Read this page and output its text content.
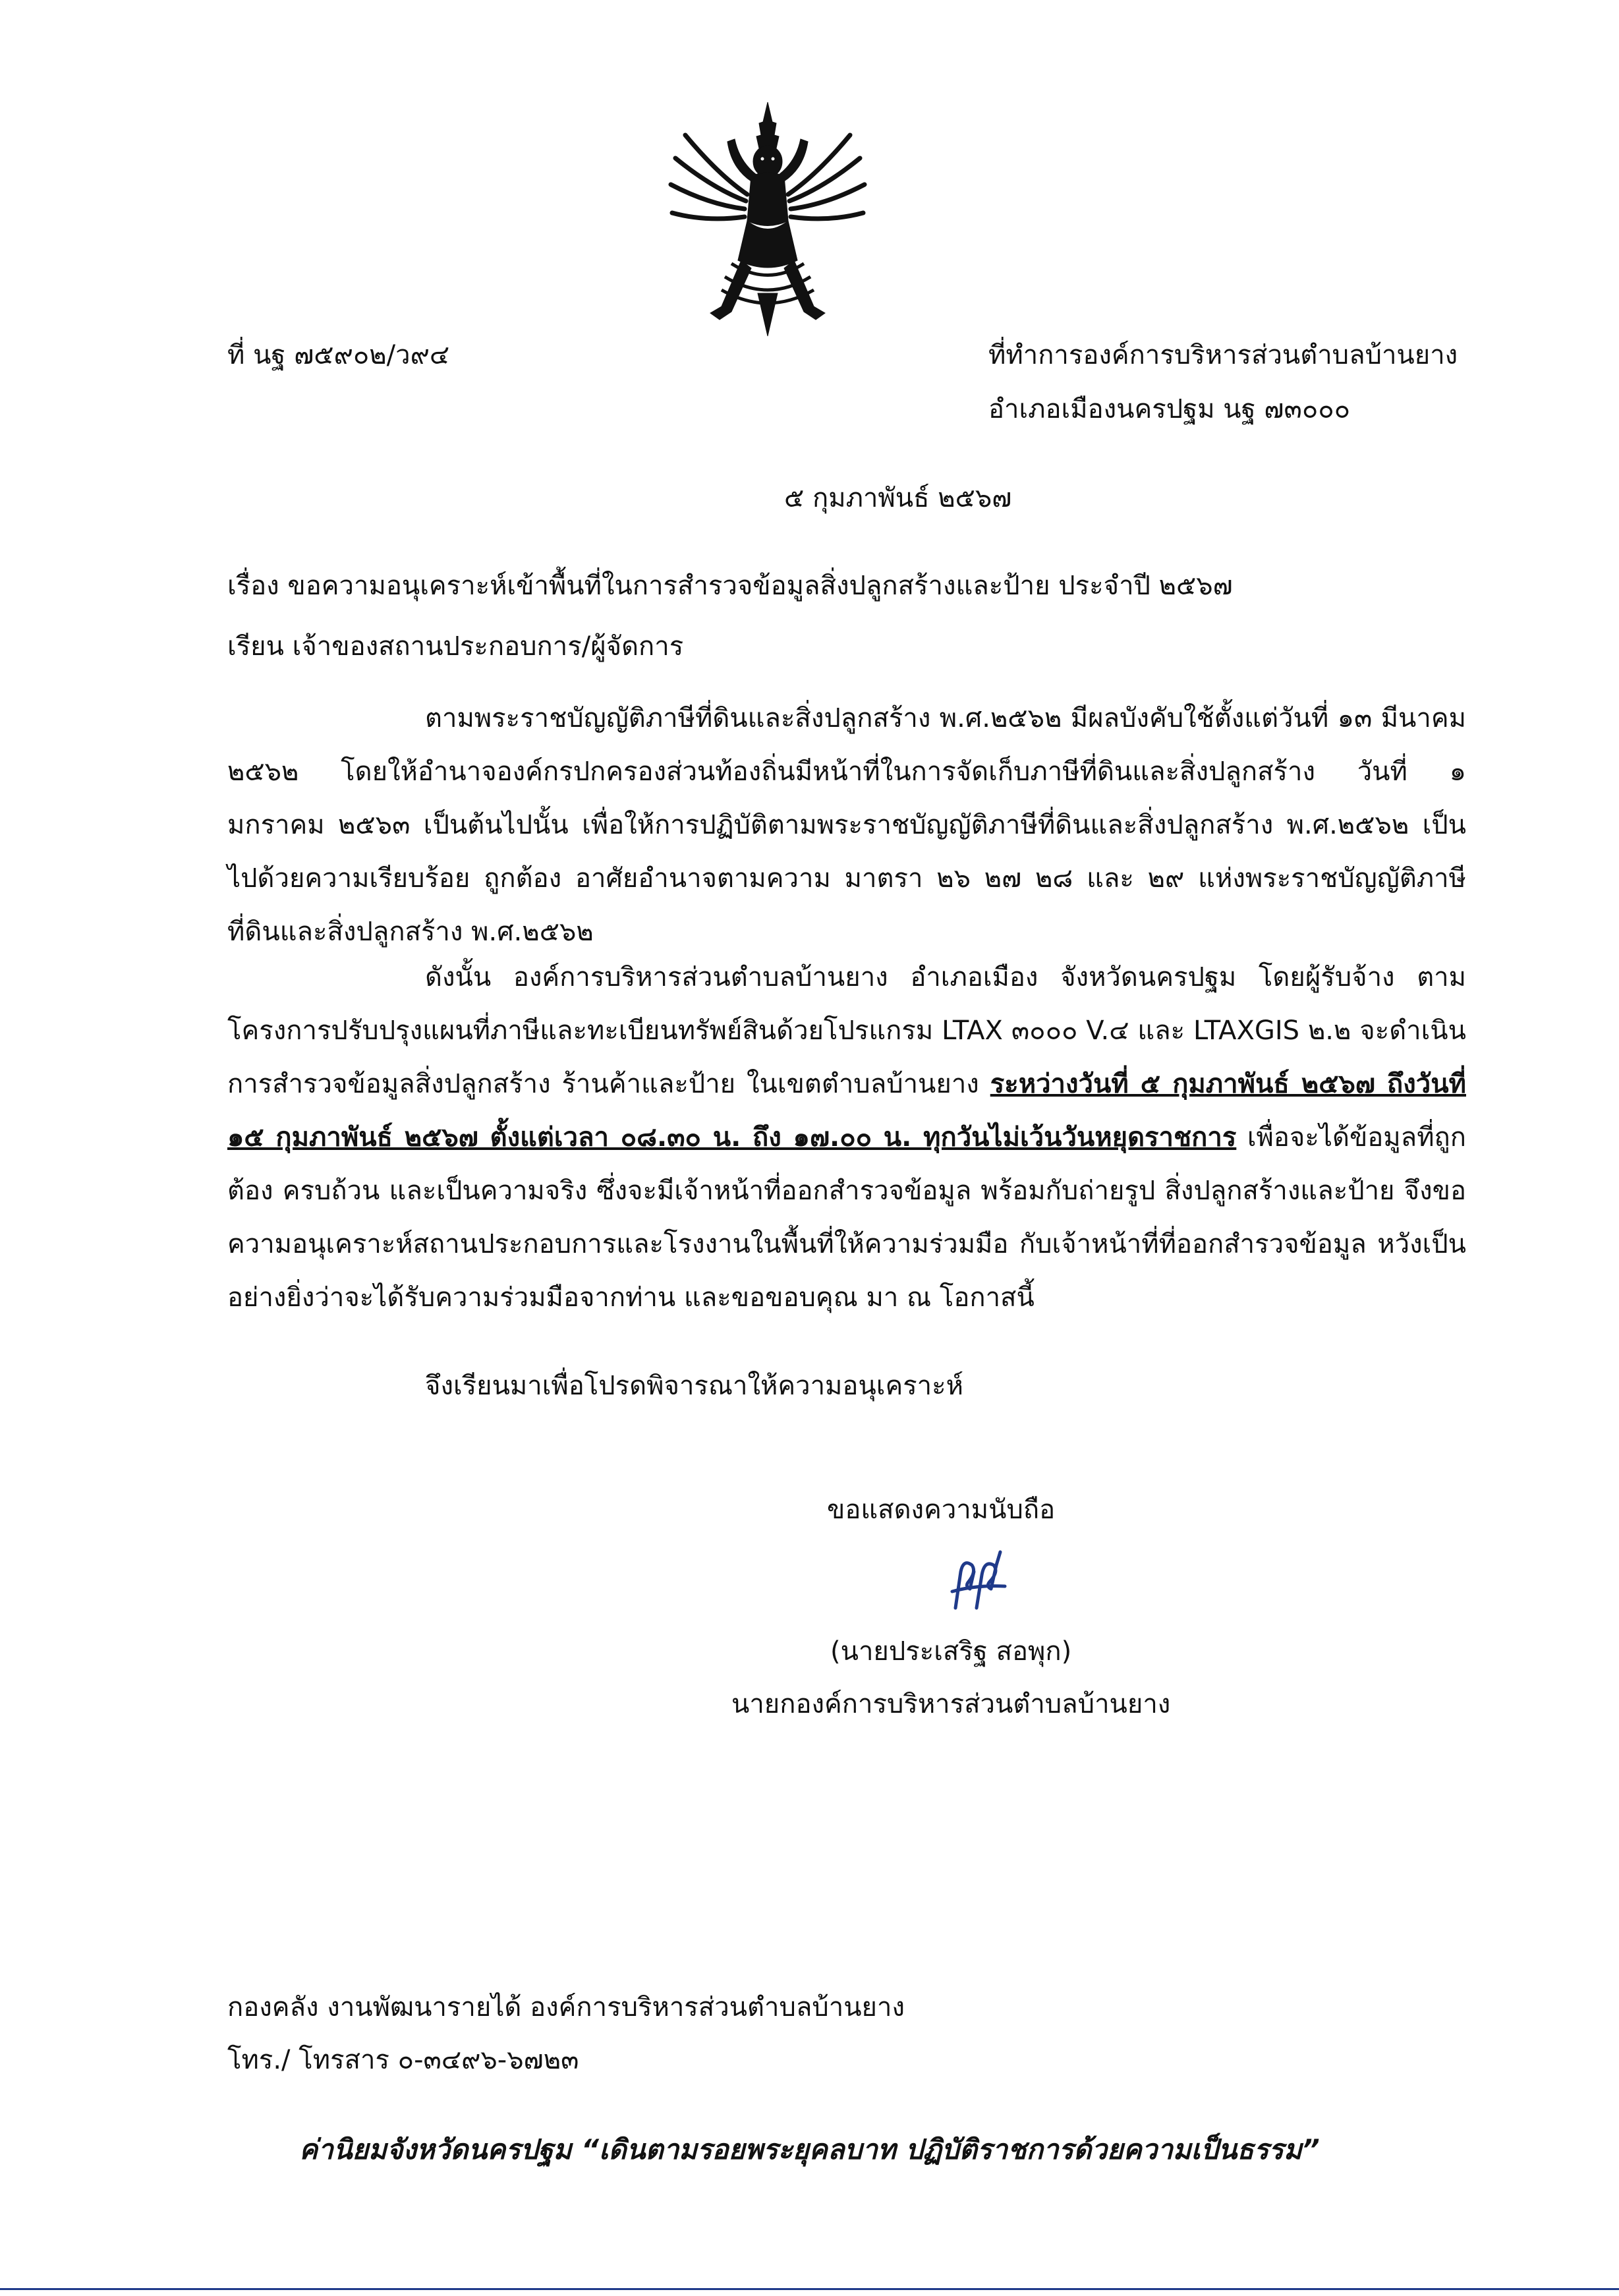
ที่ นฐ ๗๕๙๐๒/ว๙๔	ที่ทำการองค์การบริหารส่วนตำบลบ้านยาง
อำเภอเมืองนครปฐม นฐ ๗๓๐๐๐
๕ กุมภาพันธ์ ๒๕๖๗
เรื่อง ขอความอนุเคราะห์เข้าพื้นที่ในการสำรวจข้อมูลสิ่งปลูกสร้างและป้าย ประจำปี ๒๕๖๗
เรียน เจ้าของสถานประกอบการ/ผู้จัดการ
ตามพระราชบัญญัติภาษีที่ดินและสิ่งปลูกสร้าง พ.ศ.๒๕๖๒ มีผลบังคับใช้ตั้งแต่วันที่ ๑๓ มีนาคม ๒๕๖๒ โดยให้อำนาจองค์กรปกครองส่วนท้องถิ่นมีหน้าที่ในการจัดเก็บภาษีที่ดินและสิ่งปลูกสร้าง วันที่ ๑ มกราคม ๒๕๖๓ เป็นต้นไปนั้น เพื่อให้การปฏิบัติตามพระราชบัญญัติภาษีที่ดินและสิ่งปลูกสร้าง พ.ศ.๒๕๖๒ เป็นไปด้วยความเรียบร้อย ถูกต้อง อาศัยอำนาจตามความ มาตรา ๒๖ ๒๗ ๒๘ และ ๒๙ แห่งพระราชบัญญัติภาษีที่ดินและสิ่งปลูกสร้าง พ.ศ.๒๕๖๒
ดังนั้น องค์การบริหารส่วนตำบลบ้านยาง อำเภอเมือง จังหวัดนครปฐม โดยผู้รับจ้าง ตามโครงการปรับปรุงแผนที่ภาษีและทะเบียนทรัพย์สินด้วยโปรแกรม LTAX ๓๐๐๐ V.๔ และ LTAXGIS ๒.๒ จะดำเนินการสำรวจข้อมูลสิ่งปลูกสร้าง ร้านค้าและป้าย ในเขตตำบลบ้านยาง ระหว่างวันที่ ๕ กุมภาพันธ์ ๒๕๖๗ ถึงวันที่ ๑๕ กุมภาพันธ์ ๒๕๖๗ ตั้งแต่เวลา ๐๘.๓๐ น. ถึง ๑๗.๐๐ น. ทุกวันไม่เว้นวันหยุดราชการ เพื่อจะได้ข้อมูลที่ถูกต้อง ครบถ้วน และเป็นความจริง ซึ่งจะมีเจ้าหน้าที่ออกสำรวจข้อมูล พร้อมกับถ่ายรูป สิ่งปลูกสร้างและป้าย จึงขอความอนุเคราะห์สถานประกอบการและโรงงานในพื้นที่ให้ความร่วมมือ กับเจ้าหน้าที่ที่ออกสำรวจข้อมูล หวังเป็นอย่างยิ่งว่าจะได้รับความร่วมมือจากท่าน และขอขอบคุณ มา ณ โอกาสนี้
จึงเรียนมาเพื่อโปรดพิจารณาให้ความอนุเคราะห์
ขอแสดงความนับถือ
(นายประเสริฐ สอพุก)
นายกองค์การบริหารส่วนตำบลบ้านยาง
กองคลัง งานพัฒนารายได้ องค์การบริหารส่วนตำบลบ้านยาง
โทร./ โทรสาร ๐-๓๔๙๖-๖๗๒๓
ค่านิยมจังหวัดนครปฐม “เดินตามรอยพระยุคลบาท ปฏิบัติราชการด้วยความเป็นธรรม”
